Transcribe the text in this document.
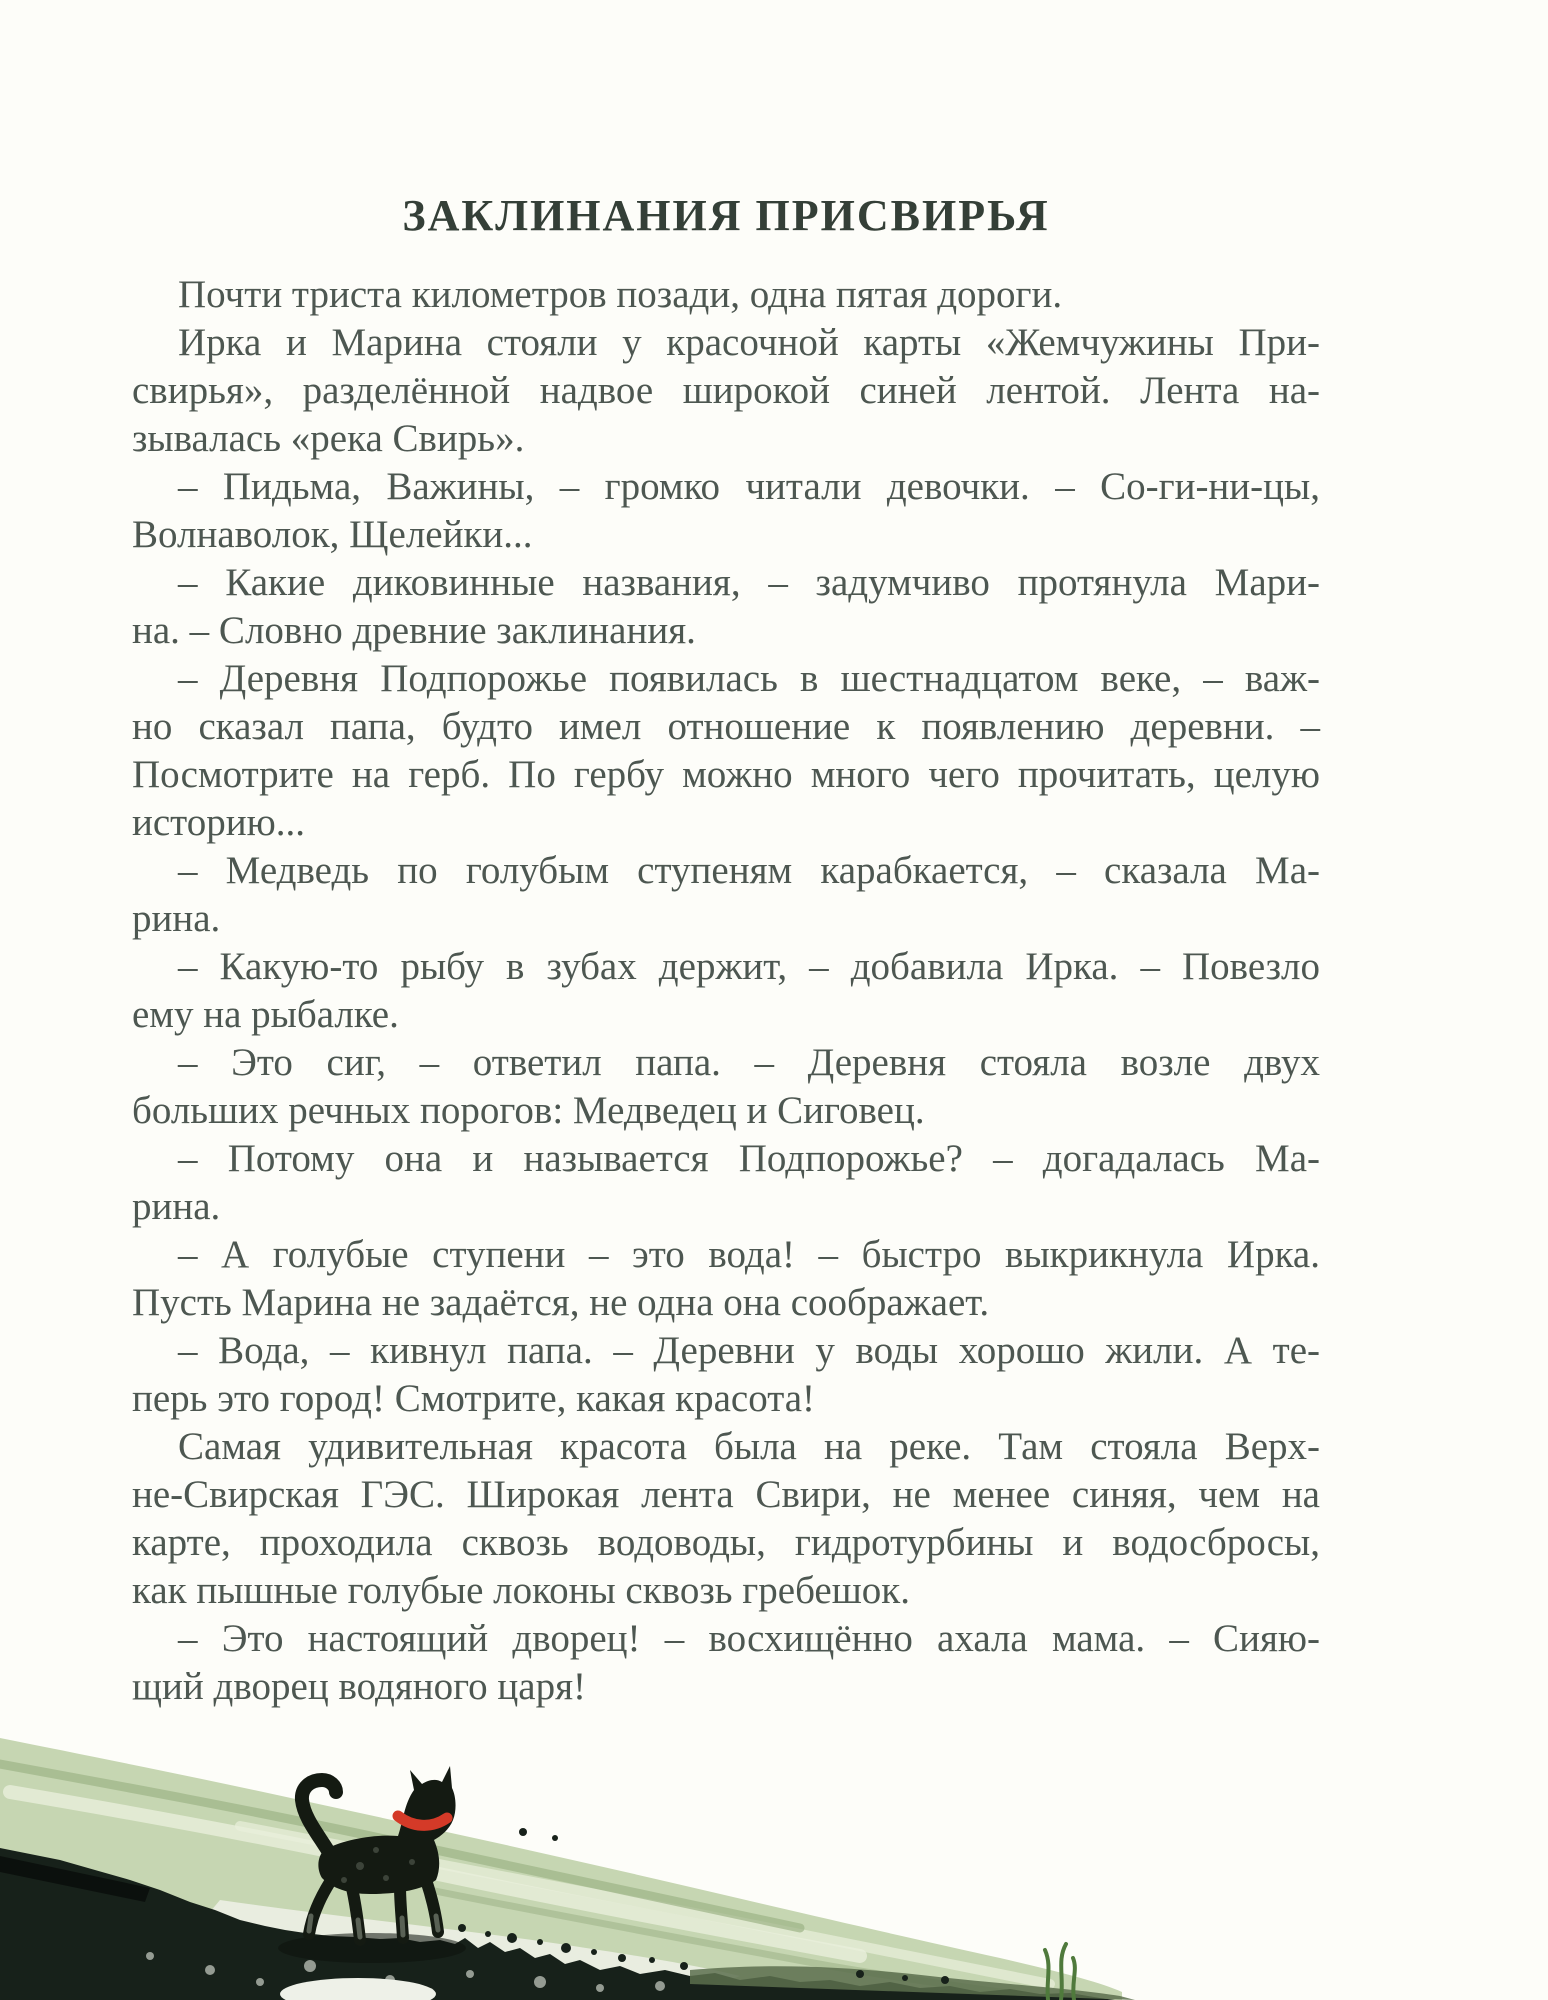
ЗАКЛИНАНИЯ ПРИСВИРЬЯ

Почти триста километров позади, одна пятая дороги.

Ирка и Марина стояли у красочной карты «Жемчужины При-
свирья», разделённой надвое широкой синей лентой. Лента на-
зывалась «река Свирь».

– Пидьма, Важины, – громко читали девочки. – Со-ги-ни-цы,
Волнаволок, Щелейки...

– Какие диковинные названия, – задумчиво протянула Мари-
на. – Словно древние заклинания.

– Деревня Подпорожье появилась в шестнадцатом веке, – важ-
но сказал папа, будто имел отношение к появлению деревни. –
Посмотрите на герб. По гербу можно много чего прочитать, целую
историю...

– Медведь по голубым ступеням карабкается, – сказала Ма-
рина.

– Какую-то рыбу в зубах держит, – добавила Ирка. – Повезло
ему на рыбалке.

– Это сиг, – ответил папа. – Деревня стояла возле двух
больших речных порогов: Медведец и Сиговец.

– Потому она и называется Подпорожье? – догадалась Ма-
рина.

– А голубые ступени – это вода! – быстро выкрикнула Ирка.
Пусть Марина не задаётся, не одна она соображает.

– Вода, – кивнул папа. – Деревни у воды хорошо жили. А те-
перь это город! Смотрите, какая красота!

Самая удивительная красота была на реке. Там стояла Верх-
не-Свирская ГЭС. Широкая лента Свири, не менее синяя, чем на
карте, проходила сквозь водоводы, гидротурбины и водосбросы,
как пышные голубые локоны сквозь гребешок.

– Это настоящий дворец! – восхищённо ахала мама. – Сияю-
щий дворец водяного царя!
